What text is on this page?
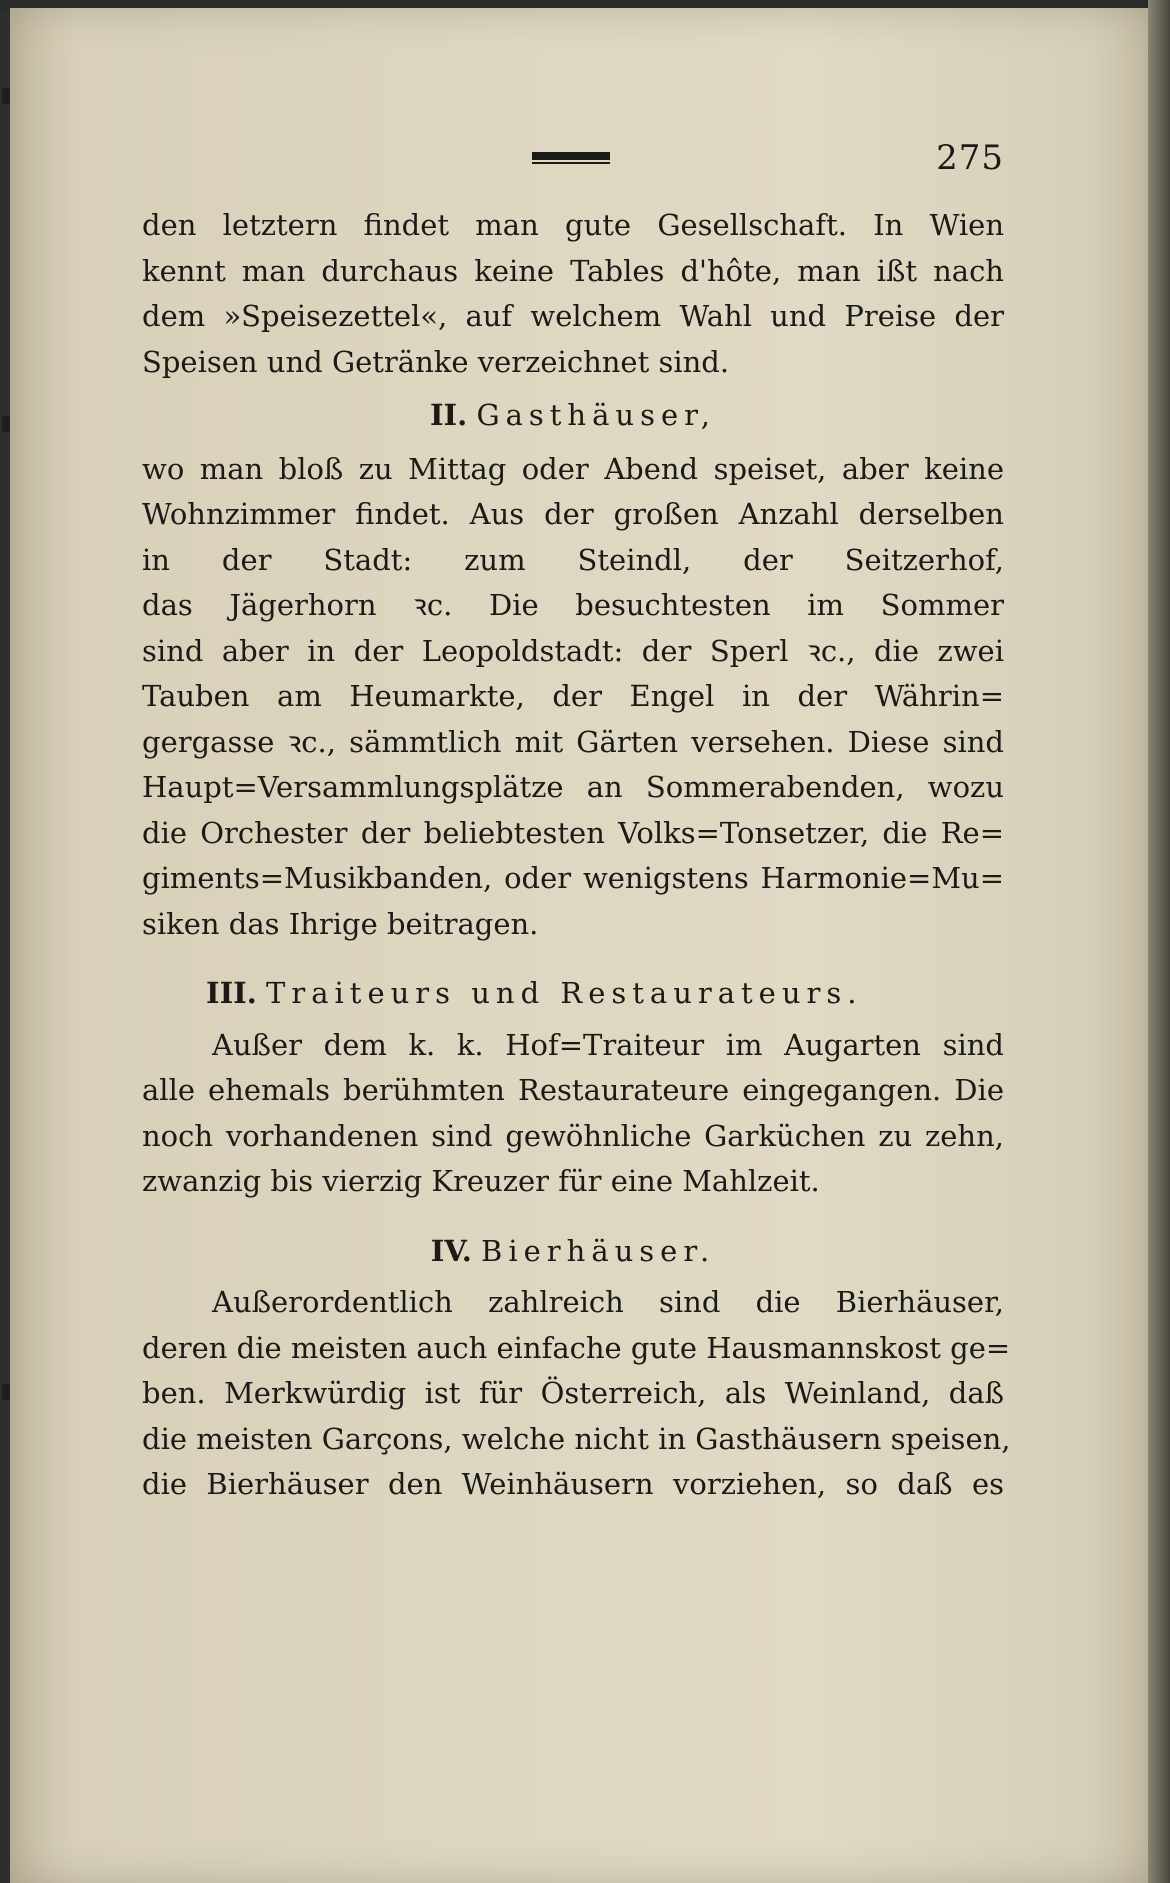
275
den letztern findet man gute Gesellschaft. In Wien
kennt man durchaus keine Tables d'hôte, man ißt nach
dem »Speisezettel«, auf welchem Wahl und Preise der
Speisen und Getränke verzeichnet sind.
II. Gasthäuser,
wo man bloß zu Mittag oder Abend speiset, aber keine
Wohnzimmer findet. Aus der großen Anzahl derselben
in der Stadt: zum Steindl, der Seitzerhof,
das Jägerhorn ꝛc. Die besuchtesten im Sommer
sind aber in der Leopoldstadt: der Sperl ꝛc., die zwei
Tauben am Heumarkte, der Engel in der Währin=
gergasse ꝛc., sämmtlich mit Gärten versehen. Diese sind
Haupt=Versammlungsplätze an Sommerabenden, wozu
die Orchester der beliebtesten Volks=Tonsetzer, die Re=
giments=Musikbanden, oder wenigstens Harmonie=Mu=
siken das Ihrige beitragen.
III. Traiteurs und Restaurateurs.
Außer dem k. k. Hof=Traiteur im Augarten sind
alle ehemals berühmten Restaurateure eingegangen. Die
noch vorhandenen sind gewöhnliche Garküchen zu zehn,
zwanzig bis vierzig Kreuzer für eine Mahlzeit.
IV. Bierhäuser.
Außerordentlich zahlreich sind die Bierhäuser,
deren die meisten auch einfache gute Hausmannskost ge=
ben. Merkwürdig ist für Österreich, als Weinland, daß
die meisten Garçons, welche nicht in Gasthäusern speisen,
die Bierhäuser den Weinhäusern vorziehen, so daß es
